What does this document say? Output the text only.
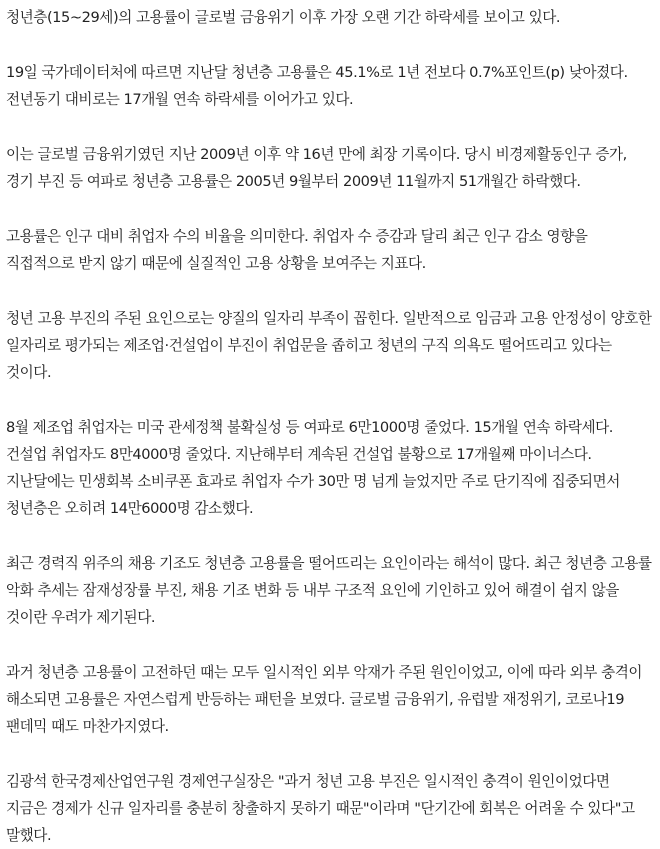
청년층(15~29세)의 고용률이 글로벌 금융위기 이후 가장 오랜 기간 하락세를 보이고 있다.

19일 국가데이터처에 따르면 지난달 청년층 고용률은 45.1%로 1년 전보다 0.7%포인트(p) 낮아졌다. 전년동기 대비로는 17개월 연속 하락세를 이어가고 있다.

이는 글로벌 금융위기였던 지난 2009년 이후 약 16년 만에 최장 기록이다. 당시 비경제활동인구 증가, 경기 부진 등 여파로 청년층 고용률은 2005년 9월부터 2009년 11월까지 51개월간 하락했다.

고용률은 인구 대비 취업자 수의 비율을 의미한다. 취업자 수 증감과 달리 최근 인구 감소 영향을 직접적으로 받지 않기 때문에 실질적인 고용 상황을 보여주는 지표다.

청년 고용 부진의 주된 요인으로는 양질의 일자리 부족이 꼽힌다. 일반적으로 임금과 고용 안정성이 양호한 일자리로 평가되는 제조업·건설업이 부진이 취업문을 좁히고 청년의 구직 의욕도 떨어뜨리고 있다는 것이다.

8월 제조업 취업자는 미국 관세정책 불확실성 등 여파로 6만1000명 줄었다. 15개월 연속 하락세다. 건설업 취업자도 8만4000명 줄었다. 지난해부터 계속된 건설업 불황으로 17개월째 마이너스다. 지난달에는 민생회복 소비쿠폰 효과로 취업자 수가 30만 명 넘게 늘었지만 주로 단기직에 집중되면서 청년층은 오히려 14만6000명 감소했다.

최근 경력직 위주의 채용 기조도 청년층 고용률을 떨어뜨리는 요인이라는 해석이 많다. 최근 청년층 고용률 악화 추세는 잠재성장률 부진, 채용 기조 변화 등 내부 구조적 요인에 기인하고 있어 해결이 쉽지 않을 것이란 우려가 제기된다.

과거 청년층 고용률이 고전하던 때는 모두 일시적인 외부 악재가 주된 원인이었고, 이에 따라 외부 충격이 해소되면 고용률은 자연스럽게 반등하는 패턴을 보였다. 글로벌 금융위기, 유럽발 재정위기, 코로나19 팬데믹 때도 마찬가지였다.

김광석 한국경제산업연구원 경제연구실장은 "과거 청년 고용 부진은 일시적인 충격이 원인이었다면 지금은 경제가 신규 일자리를 충분히 창출하지 못하기 때문"이라며 "단기간에 회복은 어려울 수 있다"고 말했다.
